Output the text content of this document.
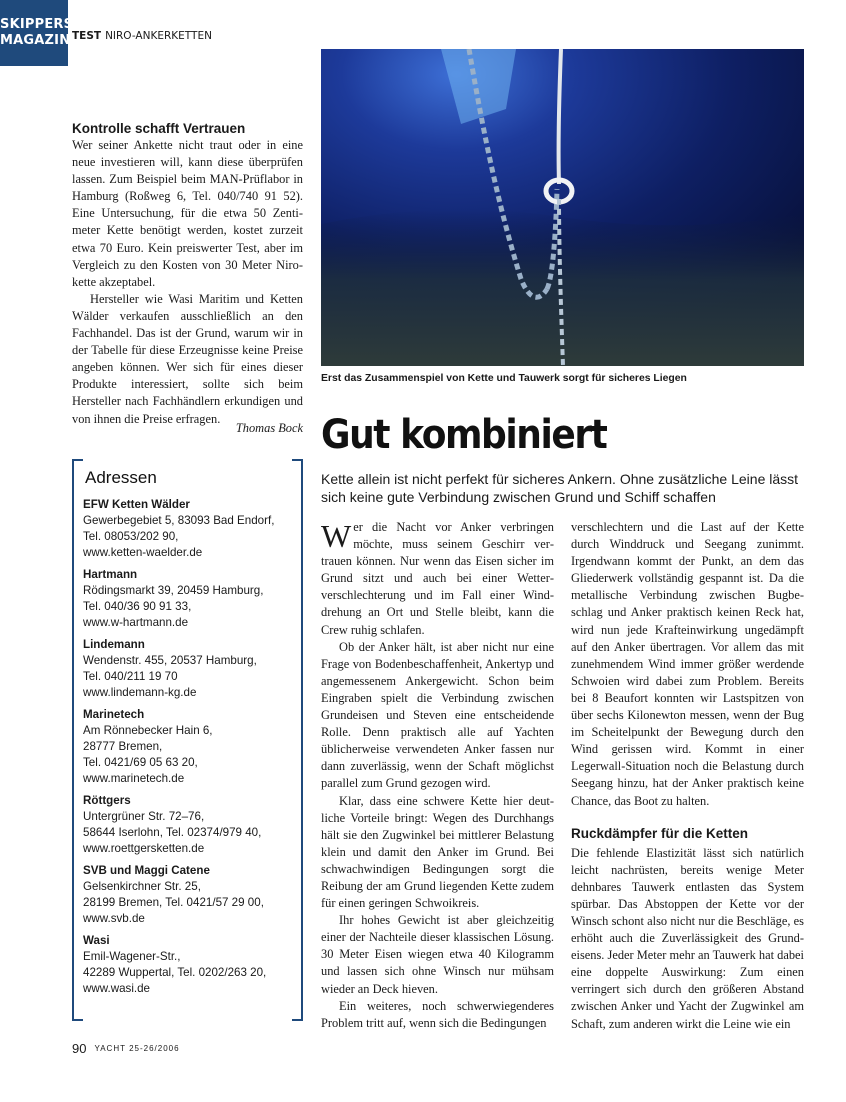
SKIPPERS
MAGAZIN TEST NIRO-ANKERKETTEN
Kontrolle schafft Vertrauen

Wer seiner Ankette nicht traut oder in eine neue investieren will, kann diese überprüfen lassen. Zum Beispiel beim MAN-Prüflabor in Hamburg (Roßweg 6, Tel. 040/740 91 52). Eine Untersuchung, für die etwa 50 Zentimeter Kette benötigt werden, kostet zurzeit etwa 70 Euro. Kein preiswerter Test, aber im Vergleich zu den Kosten von 30 Meter Nirokette akzeptabel.

Hersteller wie Wasi Maritim und Ketten Wälder verkaufen ausschließlich an den Fachhandel. Das ist der Grund, warum wir in der Tabelle für diese Erzeugnisse keine Preise angeben können. Wer sich für eines dieser Produkte interessiert, sollte sich beim Hersteller nach Fachhändlern erkundigen und von ihnen die Preise erfragen.

Thomas Bock
Adressen
EFW Ketten Wälder
Gewerbegebiet 5, 83093 Bad Endorf,
Tel. 08053/202 90,
www.ketten-waelder.de
Hartmann
Rödingsmarkt 39, 20459 Hamburg,
Tel. 040/36 90 91 33,
www.w-hartmann.de
Lindemann
Wendenstr. 455, 20537 Hamburg,
Tel. 040/211 19 70
www.lindemann-kg.de
Marinetech
Am Rönnebecker Hain 6,
28777 Bremen,
Tel. 0421/69 05 63 20,
www.marinetech.de
Röttgers
Untergrüner Str. 72–76,
58644 Iserlohn, Tel. 02374/979 40,
www.roettgersketten.de
SVB und Maggi Catene
Gelsenkirchner Str. 25,
28199 Bremen, Tel. 0421/57 29 00,
www.svb.de
Wasi
Emil-Wagener-Str.,
42289 Wuppertal, Tel. 0202/263 20,
www.wasi.de
Erst das Zusammenspiel von Kette und Tauwerk sorgt für sicheres Liegen
Gut kombiniert
Kette allein ist nicht perfekt für sicheres Ankern. Ohne zusätzliche Leine lässt sich keine gute Verbindung zwischen Grund und Schiff schaffen

Wer die Nacht vor Anker verbringen möchte, muss seinem Geschirr vertrauen können. Nur wenn das Eisen sicher im Grund sitzt und auch bei einer Wetterverschlechterung und im Fall einer Winddrehung an Ort und Stelle bleibt, kann die Crew ruhig schlafen.

Ob der Anker hält, ist aber nicht nur eine Frage von Bodenbeschaffenheit, Ankertyp und angemessenem Ankergewicht. Schon beim Eingraben spielt die Verbindung zwischen Grundeisen und Steven eine entscheidende Rolle. Denn praktisch alle auf Yachten üblicherweise verwendeten Anker fassen nur dann zuverlässig, wenn der Schaft möglichst parallel zum Grund gezogen wird.

Klar, dass eine schwere Kette hier deutliche Vorteile bringt: Wegen des Durchhangs hält sie den Zugwinkel bei mittlerer Belastung klein und damit den Anker im Grund. Bei schwachwindigen Bedingungen sorgt die Reibung der am Grund liegenden Kette zudem für einen geringen Schwoikreis.

Ihr hohes Gewicht ist aber gleichzeitig einer der Nachteile dieser klassischen Lösung. 30 Meter Eisen wiegen etwa 40 Kilogramm und lassen sich ohne Winsch nur mühsam wieder an Deck hieven.

Ein weiteres, noch schwerwiegenderes Problem tritt auf, wenn sich die Bedingungen

verschlechtern und die Last auf der Kette durch Winddruck und Seegang zunimmt. Irgendwann kommt der Punkt, an dem das Gliederwerk vollständig gespannt ist. Da die metallische Verbindung zwischen Bugbeschlag und Anker praktisch keinen Reck hat, wird nun jede Krafteinwirkung ungedämpft auf den Anker übertragen. Vor allem das mit zunehmendem Wind immer größer werdende Schwoien wird dabei zum Problem. Bereits bei 8 Beaufort konnten wir Lastspitzen von über sechs Kilonewton messen, wenn der Bug im Scheitelpunkt der Bewegung durch den Wind gerissen wird. Kommt in einer Legerwall-Situation noch die Belastung durch Seegang hinzu, hat der Anker praktisch keine Chance, das Boot zu halten.

Ruckdämpfer für die Ketten

Die fehlende Elastizität lässt sich natürlich leicht nachrüsten, bereits wenige Meter dehnbares Tauwerk entlasten das System spürbar. Das Abstoppen der Kette vor der Winsch schont also nicht nur die Beschläge, es erhöht auch die Zuverlässigkeit des Grundeisens. Jeder Meter mehr an Tauwerk hat dabei eine doppelte Auswirkung: Zum einen verringert sich durch den größeren Abstand zwischen Anker und Yacht der Zugwinkel am Schaft, zum anderen wirkt die Leine wie ein

90 YACHT 25-26/2006
